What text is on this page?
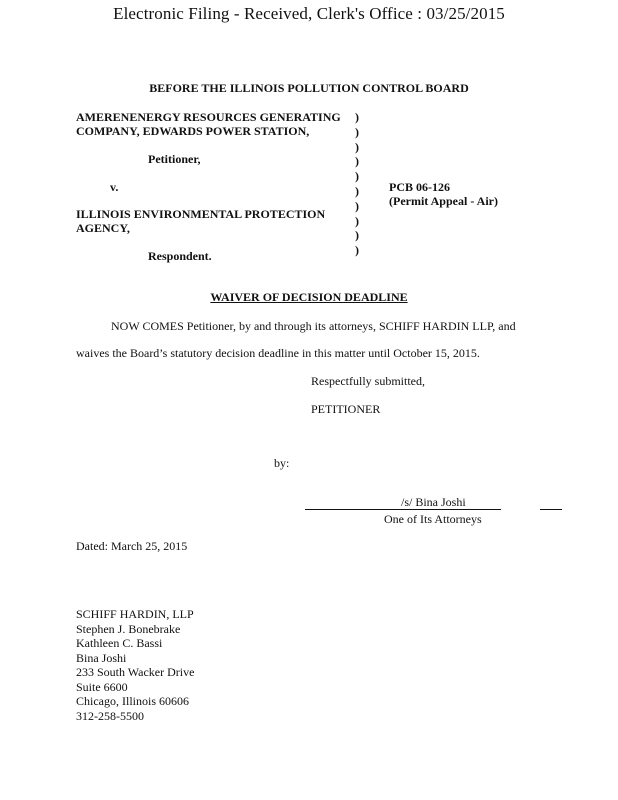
Electronic Filing - Received, Clerk's Office : 03/25/2015
BEFORE THE ILLINOIS POLLUTION CONTROL BOARD
AMERENENERGY RESOURCES GENERATING
COMPANY, EDWARDS POWER STATION,
Petitioner,
v.
ILLINOIS ENVIRONMENTAL PROTECTION
AGENCY,
Respondent.
)
)
)
)
)
)
)
)
)
)
PCB 06-126
(Permit Appeal - Air)
WAIVER OF DECISION DEADLINE
NOW COMES Petitioner, by and through its attorneys, SCHIFF HARDIN LLP, and
waives the Board’s statutory decision deadline in this matter until October 15, 2015.
Respectfully submitted,
PETITIONER
by:
/s/ Bina Joshi
One of Its Attorneys
Dated: March 25, 2015
SCHIFF HARDIN, LLP
Stephen J. Bonebrake
Kathleen C. Bassi
Bina Joshi
233 South Wacker Drive
Suite 6600
Chicago, Illinois 60606
312-258-5500
